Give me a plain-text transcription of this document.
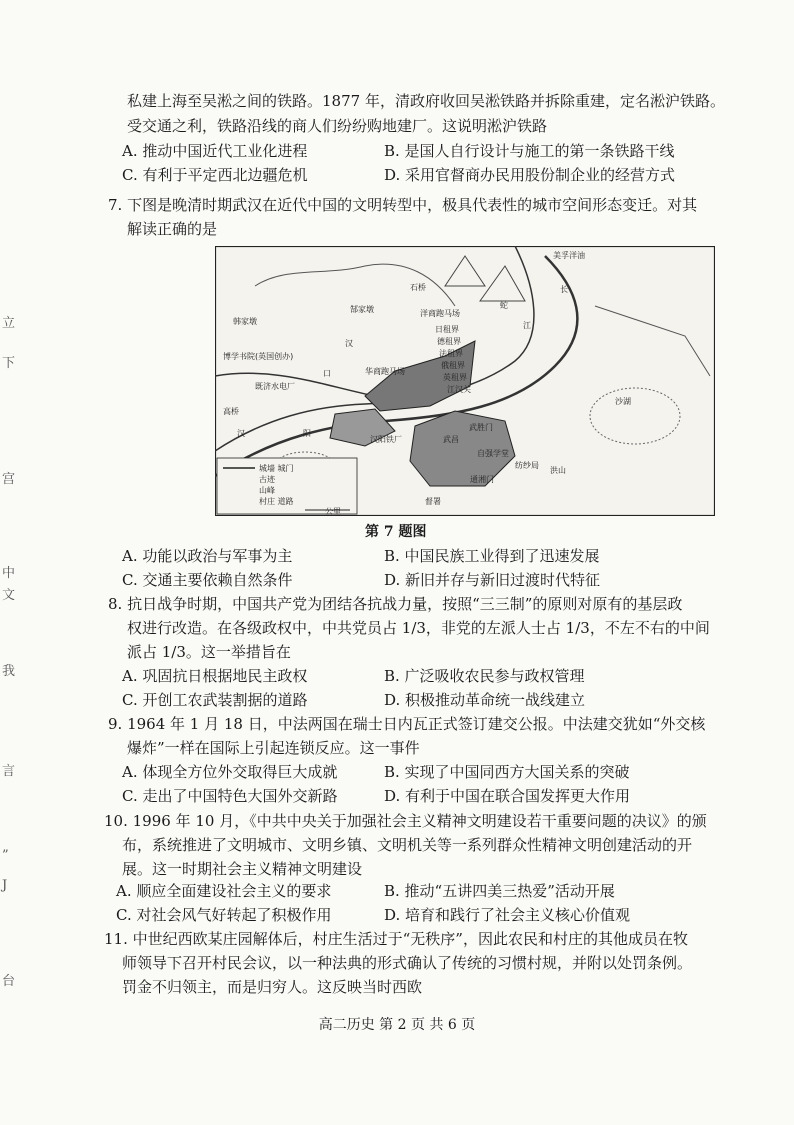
立
下
宫
中
文
我
言
”
J
台
私建上海至吴淞之间的铁路。1877 年，清政府收回吴淞铁路并拆除重建，定名淞沪铁路。
受交通之利，铁路沿线的商人们纷纷购地建厂。这说明淞沪铁路
A. 推动中国近代工业化进程	B. 是国人自行设计与施工的第一条铁路干线
C. 有利于平定西北边疆危机	D. 采用官督商办民用股份制企业的经营方式
7. 下图是晚清时期武汉在近代中国的文明转型中，极具代表性的城市空间形态变迁。对其
解读正确的是
美孚洋油
石桥
蛇
长
郜家墩
韩家墩
洋商跑马场
江
日租界
德租界
法租界
俄租界
英租界
江汉关
汉
博学书院(英国创办)
华商跑马场
口
既济水电厂
高桥
沙湖
汉	阳
武昌
武胜门
自强学堂
纺纱局
洪山
通湘门
督署
汉阳铁厂
城墙 城门
古迹
山峰
村庄 道路
公里
第 7 题图
A. 功能以政治与军事为主	B. 中国民族工业得到了迅速发展
C. 交通主要依赖自然条件	D. 新旧并存与新旧过渡时代特征
8. 抗日战争时期，中国共产党为团结各抗战力量，按照“三三制”的原则对原有的基层政
权进行改造。在各级政权中，中共党员占 1/3，非党的左派人士占 1/3，不左不右的中间
派占 1/3。这一举措旨在
A. 巩固抗日根据地民主政权	B. 广泛吸收农民参与政权管理
C. 开创工农武装割据的道路	D. 积极推动革命统一战线建立
9. 1964 年 1 月 18 日，中法两国在瑞士日内瓦正式签订建交公报。中法建交犹如“外交核
爆炸”一样在国际上引起连锁反应。这一事件
A. 体现全方位外交取得巨大成就	B. 实现了中国同西方大国关系的突破
C. 走出了中国特色大国外交新路	D. 有利于中国在联合国发挥更大作用
10. 1996 年 10 月，《中共中央关于加强社会主义精神文明建设若干重要问题的决议》的颁
布，系统推进了文明城市、文明乡镇、文明机关等一系列群众性精神文明创建活动的开
展。这一时期社会主义精神文明建设
A. 顺应全面建设社会主义的要求	B. 推动“五讲四美三热爱”活动开展
C. 对社会风气好转起了积极作用	D. 培育和践行了社会主义核心价值观
11. 中世纪西欧某庄园解体后，村庄生活过于“无秩序”，因此农民和村庄的其他成员在牧
师领导下召开村民会议，以一种法典的形式确认了传统的习惯村规，并附以处罚条例。
罚金不归领主，而是归穷人。这反映当时西欧
高二历史 第 2 页 共 6 页
